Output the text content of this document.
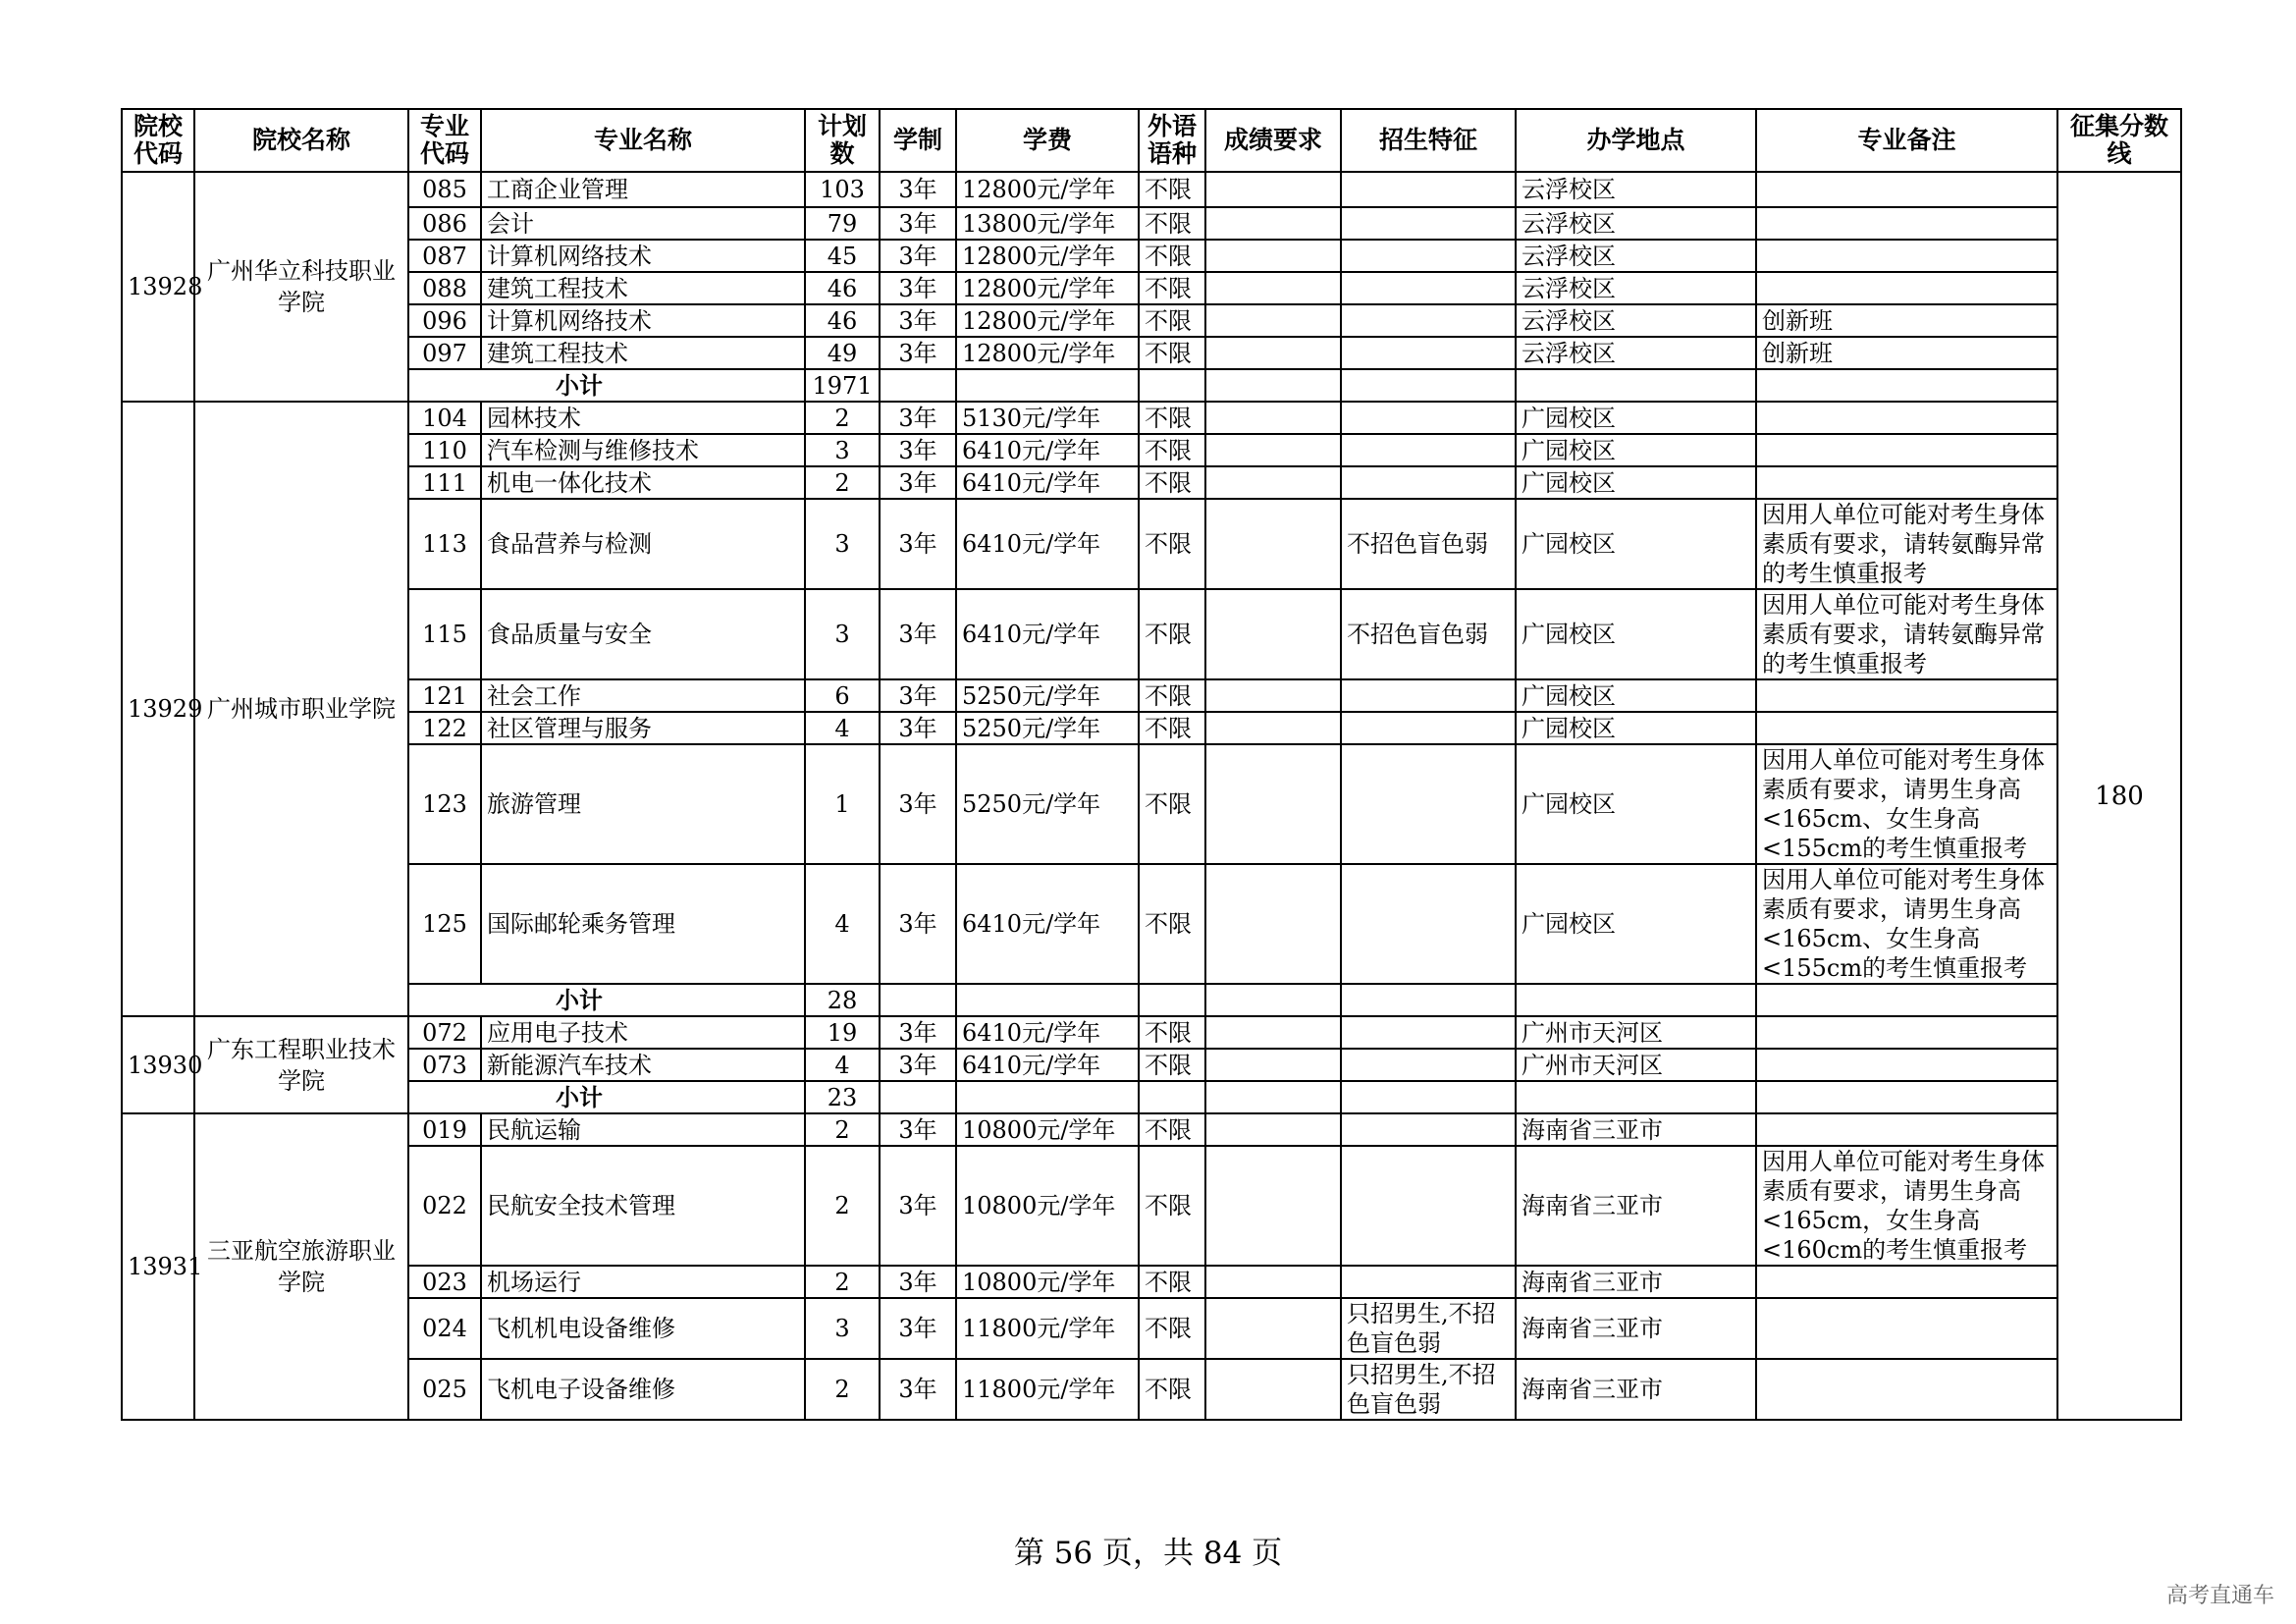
院校代码	院校名称	专业代码	专业名称	计划数	学制	学费	外语语种	成绩要求	招生特征	办学地点	专业备注	征集分数线
13928	广州华立科技职业学院	085	工商企业管理	103	3年	12800元/学年	不限			云浮校区		180
		086	会计	79	3年	13800元/学年	不限			云浮校区		
		087	计算机网络技术	45	3年	12800元/学年	不限			云浮校区		
		088	建筑工程技术	46	3年	12800元/学年	不限			云浮校区		
		096	计算机网络技术	46	3年	12800元/学年	不限			云浮校区	创新班	
		097	建筑工程技术	49	3年	12800元/学年	不限			云浮校区	创新班	
		小计		1971								
13929	广州城市职业学院	104	园林技术	2	3年	5130元/学年	不限			广园校区		
		110	汽车检测与维修技术	3	3年	6410元/学年	不限			广园校区		
		111	机电一体化技术	2	3年	6410元/学年	不限			广园校区		
		113	食品营养与检测	3	3年	6410元/学年	不限		不招色盲色弱	广园校区	因用人单位可能对考生身体素质有要求，请转氨酶异常的考生慎重报考	
		115	食品质量与安全	3	3年	6410元/学年	不限		不招色盲色弱	广园校区	因用人单位可能对考生身体素质有要求，请转氨酶异常的考生慎重报考	
		121	社会工作	6	3年	5250元/学年	不限			广园校区		
		122	社区管理与服务	4	3年	5250元/学年	不限			广园校区		
		123	旅游管理	1	3年	5250元/学年	不限			广园校区	因用人单位可能对考生身体素质有要求，请男生身高<165cm、女生身高<155cm的考生慎重报考	
		125	国际邮轮乘务管理	4	3年	6410元/学年	不限			广园校区	因用人单位可能对考生身体素质有要求，请男生身高<165cm、女生身高<155cm的考生慎重报考	
		小计		28								
13930	广东工程职业技术学院	072	应用电子技术	19	3年	6410元/学年	不限			广州市天河区		
		073	新能源汽车技术	4	3年	6410元/学年	不限			广州市天河区		
		小计		23								
13931	三亚航空旅游职业学院	019	民航运输	2	3年	10800元/学年	不限			海南省三亚市		
		022	民航安全技术管理	2	3年	10800元/学年	不限			海南省三亚市	因用人单位可能对考生身体素质有要求，请男生身高<165cm，女生身高<160cm的考生慎重报考	
		023	机场运行	2	3年	10800元/学年	不限			海南省三亚市		
		024	飞机机电设备维修	3	3年	11800元/学年	不限		只招男生,不招色盲色弱	海南省三亚市		
		025	飞机电子设备维修	2	3年	11800元/学年	不限		只招男生,不招色盲色弱	海南省三亚市		
第 56 页，共 84 页
高考直通车
